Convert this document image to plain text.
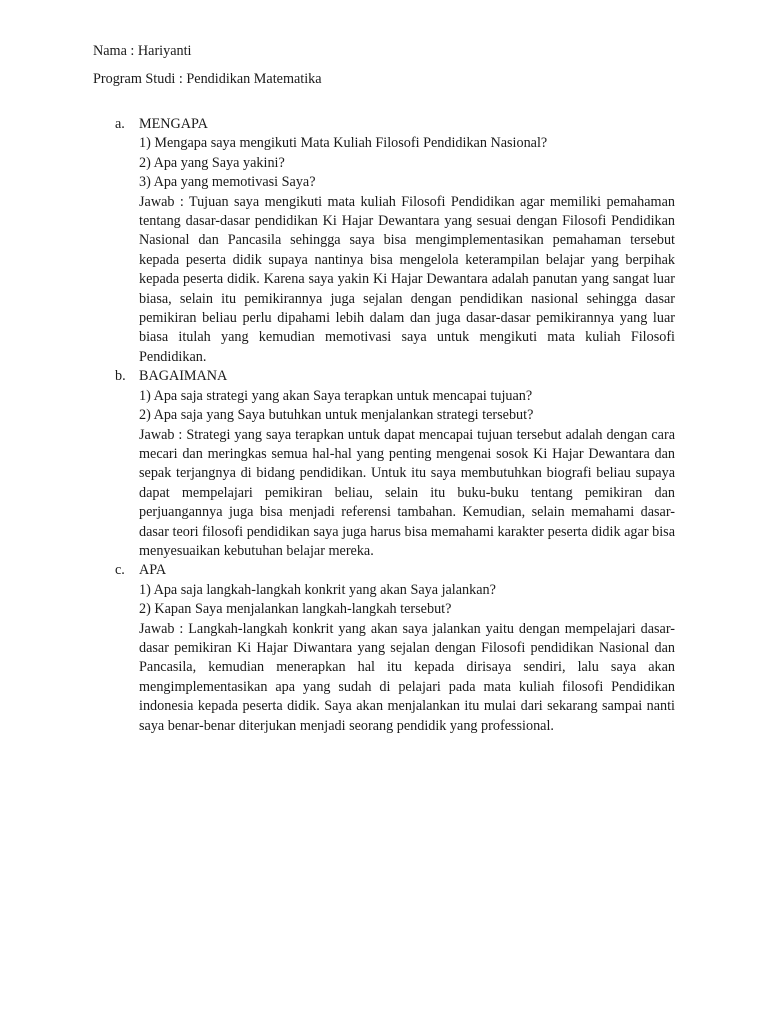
Nama : Hariyanti
Program Studi : Pendidikan Matematika
a. MENGAPA
1) Mengapa saya mengikuti Mata Kuliah Filosofi Pendidikan Nasional?
2) Apa yang Saya yakini?
3) Apa yang memotivasi Saya?
Jawab : Tujuan saya mengikuti mata kuliah Filosofi Pendidikan agar memiliki pemahaman tentang dasar-dasar pendidikan Ki Hajar Dewantara yang sesuai dengan Filosofi Pendidikan Nasional dan Pancasila sehingga saya bisa mengimplementasikan pemahaman tersebut kepada peserta didik supaya nantinya bisa mengelola keterampilan belajar yang berpihak kepada peserta didik. Karena saya yakin Ki Hajar Dewantara adalah panutan yang sangat luar biasa, selain itu pemikirannya juga sejalan dengan pendidikan nasional sehingga dasar pemikiran beliau perlu dipahami lebih dalam dan juga dasar-dasar pemikirannya yang luar biasa itulah yang kemudian memotivasi saya untuk mengikuti mata kuliah Filosofi Pendidikan.
b. BAGAIMANA
1) Apa saja strategi yang akan Saya terapkan untuk mencapai tujuan?
2) Apa saja yang Saya butuhkan untuk menjalankan strategi tersebut?
Jawab : Strategi yang saya terapkan untuk dapat mencapai tujuan tersebut adalah dengan cara mecari dan meringkas semua hal-hal yang penting mengenai sosok Ki Hajar Dewantara dan sepak terjangnya di bidang pendidikan. Untuk itu saya membutuhkan biografi beliau supaya dapat mempelajari pemikiran beliau, selain itu buku-buku tentang pemikiran dan perjuangannya juga bisa menjadi referensi tambahan. Kemudian, selain memahami dasar-dasar teori filosofi pendidikan saya juga harus bisa memahami karakter peserta didik agar bisa menyesuaikan kebutuhan belajar mereka.
c. APA
1) Apa saja langkah-langkah konkrit yang akan Saya jalankan?
2) Kapan Saya menjalankan langkah-langkah tersebut?
Jawab : Langkah-langkah konkrit yang akan saya jalankan yaitu dengan mempelajari dasar-dasar pemikiran Ki Hajar Diwantara yang sejalan dengan Filosofi pendidikan Nasional dan Pancasila, kemudian menerapkan hal itu kepada dirisaya sendiri, lalu saya akan mengimplementasikan apa yang sudah di pelajari pada mata kuliah filosofi Pendidikan indonesia kepada peserta didik. Saya akan menjalankan itu mulai dari sekarang sampai nanti saya benar-benar diterjukan menjadi seorang pendidik yang professional.
